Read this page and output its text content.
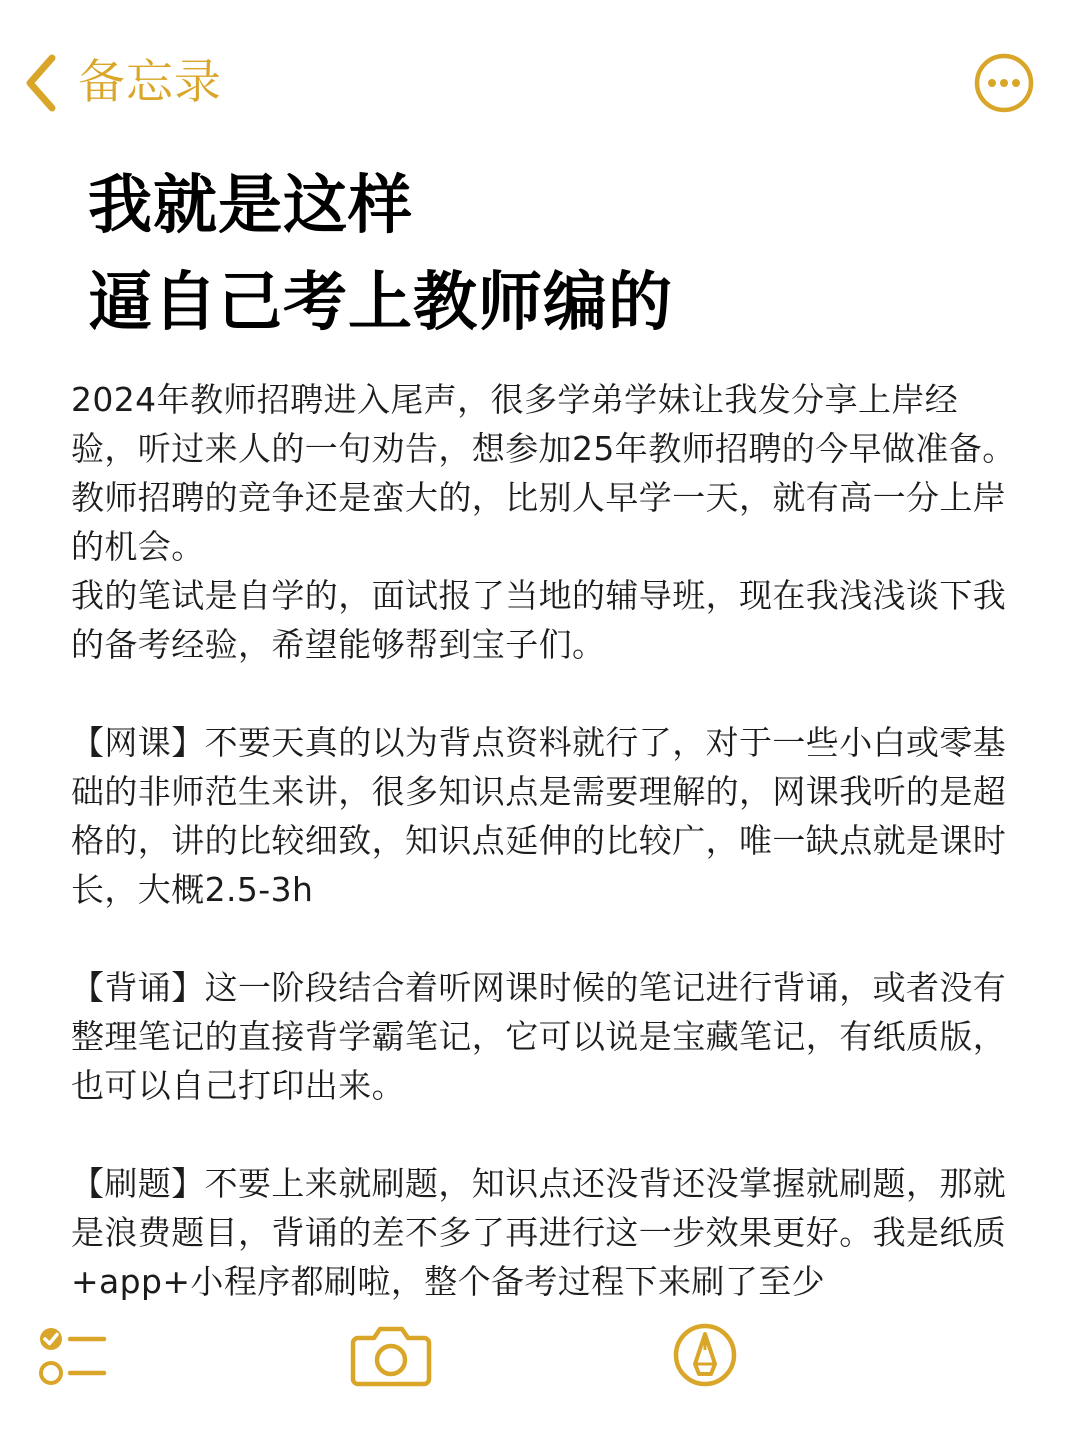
备忘录
我就是这样
逼自己考上教师编的

2024年教师招聘进入尾声，很多学弟学妹让我发分享上岸经验，听过来人的一句劝告，想参加25年教师招聘的今早做准备。教师招聘的竞争还是蛮大的，比别人早学一天，就有高一分上岸的机会。

我的笔试是自学的，面试报了当地的辅导班，现在我浅浅谈下我的备考经验，希望能够帮到宝子们。

【网课】不要天真的以为背点资料就行了，对于一些小白或零基础的非师范生来讲，很多知识点是需要理解的，网课我听的是超格的，讲的比较细致，知识点延伸的比较广，唯一缺点就是课时长，大概2.5-3h

【背诵】这一阶段结合着听网课时候的笔记进行背诵，或者没有整理笔记的直接背学霸笔记，它可以说是宝藏笔记，有纸质版，也可以自己打印出来。

【刷题】不要上来就刷题，知识点还没背还没掌握就刷题，那就是浪费题目，背诵的差不多了再进行这一步效果更好。我是纸质+app+小程序都刷啦，整个备考过程下来刷了至少
